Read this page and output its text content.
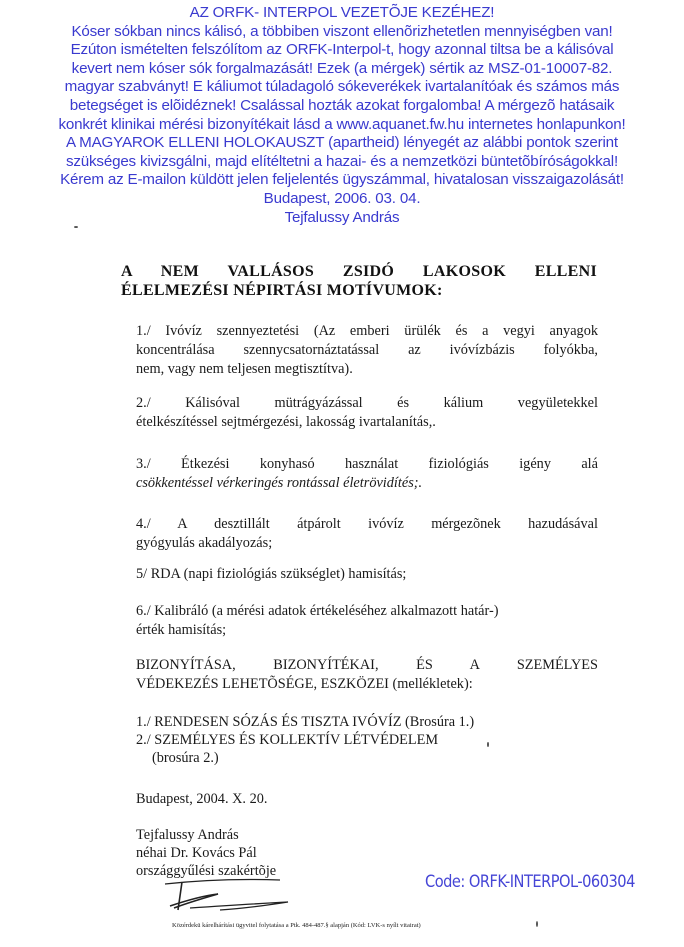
AZ ORFK- INTERPOL VEZETÕJE KEZÉHEZ!
Kóser sókban nincs kálisó, a többiben viszont ellenõrizhetetlen mennyiségben van!
Ezúton ismételten felszólítom az ORFK-Interpol-t, hogy azonnal tiltsa be a kálisóval
kevert nem kóser sók forgalmazását! Ezek (a mérgek) sértik az MSZ-01-10007-82.
magyar szabványt! E káliumot túladagoló sókeverékek ivartalanítóak és számos más
betegséget is elõidéznek! Csalással hozták azokat forgalomba! A mérgezõ hatásaik
konkrét klinikai mérési bizonyítékait lásd a www.aquanet.fw.hu internetes honlapunkon!
A MAGYAROK ELLENI HOLOKAUSZT (apartheid) lényegét az alábbi pontok szerint
szükséges kivizsgálni, majd elítéltetni a hazai- és a nemzetközi büntetõbíróságokkal!
Kérem az E-mailon küldött jelen feljelentés ügyszámmal, hivatalosan visszaigazolását!
Budapest, 2006. 03. 04.
Tejfalussy András
A NEM VALLÁSOS ZSIDÓ LAKOSOK ELLENI
ÉLELMEZÉSI NÉPIRTÁSI MOTÍVUMOK:
1./ Ivóvíz szennyeztetési (Az emberi ürülék és a vegyi anyagok
koncentrálása szennycsatornáztatással az ivóvízbázis folyókba,
nem, vagy nem teljesen megtisztítva).
2./ Kálisóval mütrágyázással és kálium vegyületekkel
ételkészítéssel sejtmérgezési, lakosság ivartalanítás,.
3./ Étkezési konyhasó használat fiziológiás igény alá
csökkentéssel vérkeringés rontással életrövidítés;.
4./ A desztillált átpárolt ivóvíz mérgezõnek hazudásával
gyógyulás akadályozás;
5/ RDA (napi fiziológiás szükséglet) hamisítás;
6./ Kalibráló (a mérési adatok értékeléséhez alkalmazott határ-)
érték hamisítás;
BIZONYÍTÁSA, BIZONYÍTÉKAI, ÉS A SZEMÉLYES
VÉDEKEZÉS LEHETÕSÉGE, ESZKÖZEI (mellékletek):
1./ RENDESEN SÓZÁS ÉS TISZTA IVÓVÍZ (Brosúra 1.)
2./ SZEMÉLYES ÉS KOLLEKTÍV LÉTVÉDELEM
(brosúra 2.)
Budapest, 2004. X. 20.
Tejfalussy András
néhai Dr. Kovács Pál
országgyűlési szakértõje
Code: ORFK-INTERPOL-060304
Közérdekü kárelhárítási ügyvitel folytatása a Ptk. 484-487.§ alapján (Kód: LVK-s nyílt vitairat)
